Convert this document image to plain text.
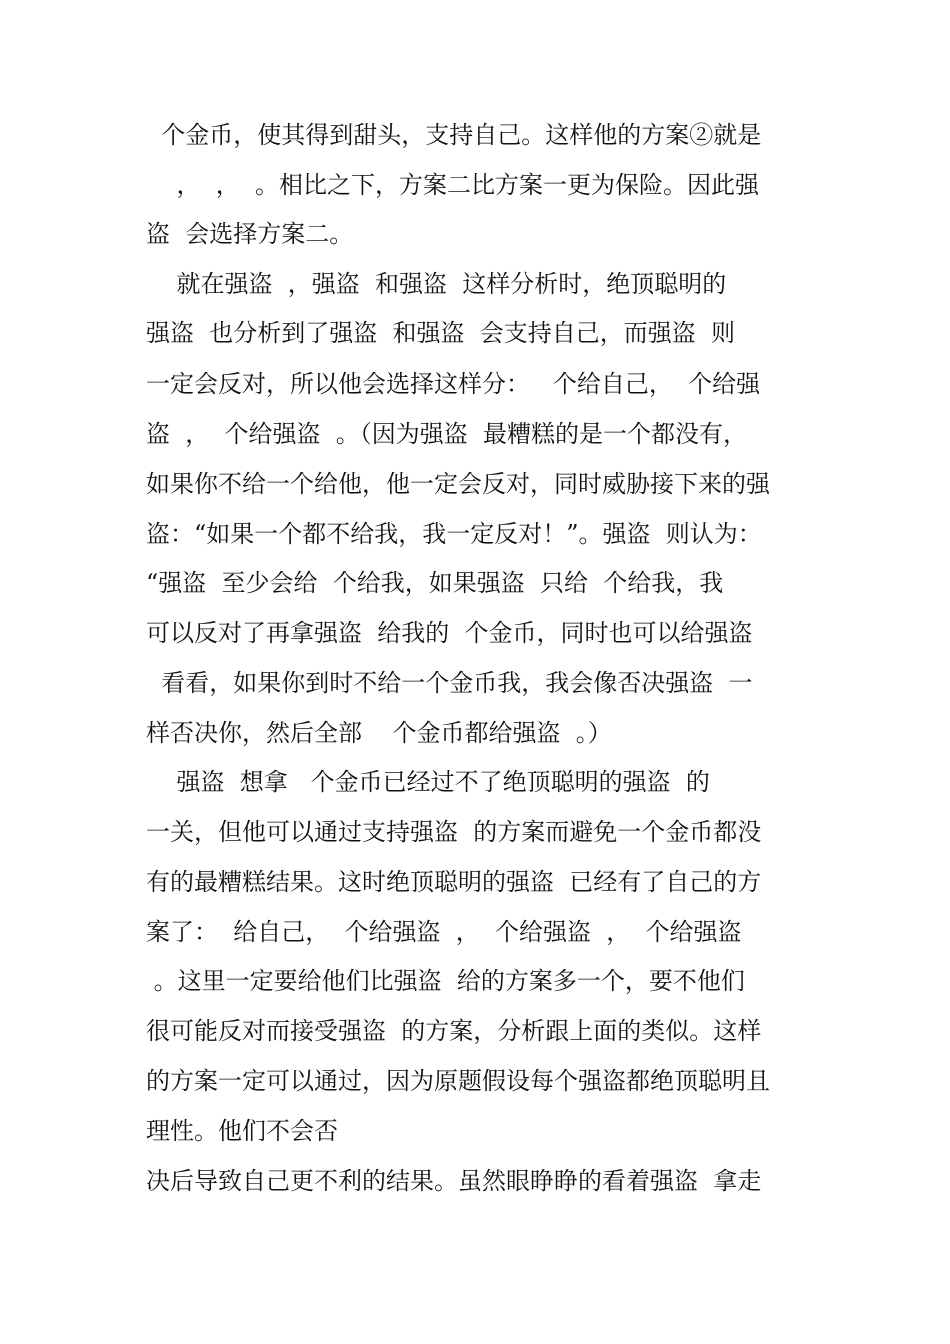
个金币，使其得到甜头，支持自己。这样他的方案②就是
，  ，  。相比之下，方案二比方案一更为保险。因此强
盗  会选择方案二。
就在强盗  ，强盗  和强盗  这样分析时，绝顶聪明的
强盗  也分析到了强盗  和强盗  会支持自己，而强盗  则
一定会反对，所以他会选择这样分：   个给自己，  个给强
盗  ，  个给强盗  。（因为强盗  最糟糕的是一个都没有，
如果你不给一个给他，他一定会反对，同时威胁接下来的强
盗：“如果一个都不给我，我一定反对！”。强盗  则认为：
“强盗  至少会给  个给我，如果强盗  只给  个给我，我
可以反对了再拿强盗  给我的  个金币，同时也可以给强盗
看看，如果你到时不给一个金币我，我会像否决强盗  一
样否决你，然后全部    个金币都给强盗  。）
强盗  想拿   个金币已经过不了绝顶聪明的强盗  的
一关，但他可以通过支持强盗  的方案而避免一个金币都没
有的最糟糕结果。这时绝顶聪明的强盗  已经有了自己的方
案了：  给自己，  个给强盗  ，  个给强盗  ，  个给强盗
。这里一定要给他们比强盗  给的方案多一个，要不他们
很可能反对而接受强盗  的方案，分析跟上面的类似。这样
的方案一定可以通过，因为原题假设每个强盗都绝顶聪明且
理性。他们不会否
决后导致自己更不利的结果。虽然眼睁睁的看着强盗  拿走
